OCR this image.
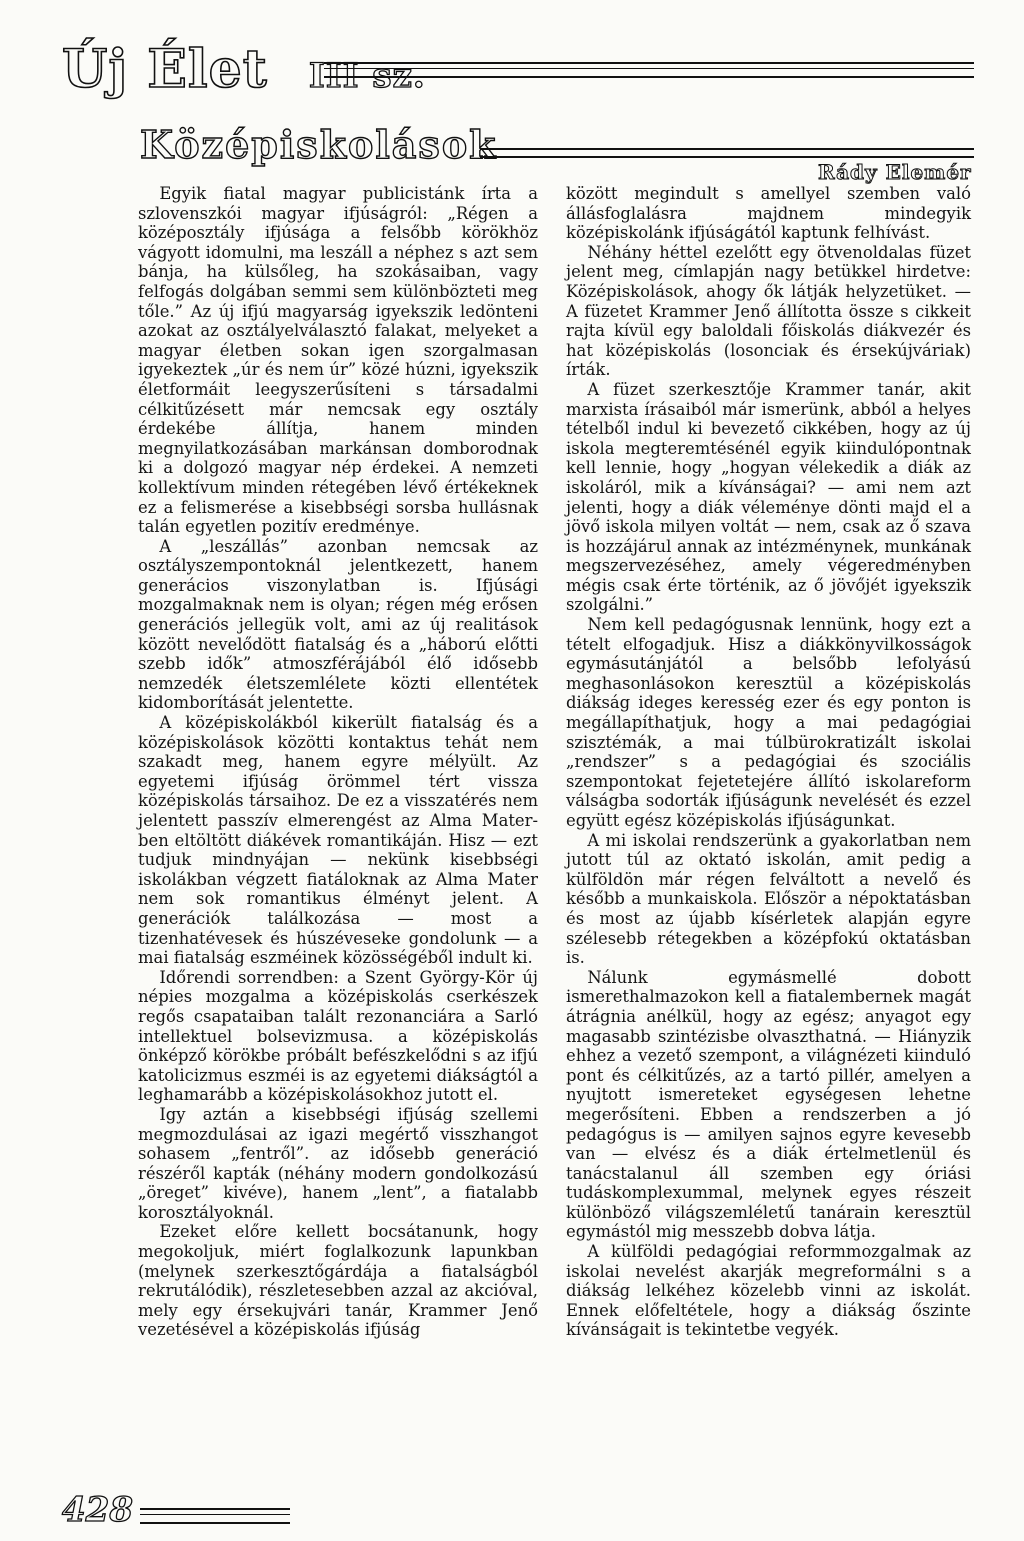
Új Élet III sz.
Középiskolások
Rády Elemér

Egyik fiatal magyar publicistánk írta a szlovenszkói magyar ifjúságról: „Régen a középosztály ifjúsága a felsőbb körökhöz vágyott idomulni, ma leszáll a néphez s azt sem bánja, ha külsőleg, ha szokásaiban, vagy felfogás dolgában semmi sem különbözteti meg tőle.” Az új ifjú magyarság igyekszik ledönteni azokat az osztályelválasztó falakat, melyeket a magyar életben sokan igen szorgalmasan igyekeztek „úr és nem úr” közé húzni, igyekszik életformáit leegyszerűsíteni s társadalmi célkitűzésett már nemcsak egy osztály érdekébe állítja, hanem minden megnyilatkozásában markánsan domborodnak ki a dolgozó magyar nép érdekei. A nemzeti kollektívum minden rétegében lévő értékeknek ez a felismerése a kisebbségi sorsba hullásnak talán egyetlen pozitív eredménye.

A „leszállás” azonban nemcsak az osztályszempontoknál jelentkezett, hanem generácios viszonylatban is. Ifjúsági mozgalmaknak nem is olyan; régen még erősen generációs jellegük volt, ami az új realitások között nevelődött fiatalság és a „háború előtti szebb idők” atmoszférájából élő idősebb nemzedék életszemlélete közti ellentétek kidomborítását jelentette.

A középiskolákból kikerült fiatalság és a középiskolások közötti kontaktus tehát nem szakadt meg, hanem egyre mélyült. Az egyetemi ifjúság örömmel tért vissza középiskolás társaihoz. De ez a visszatérés nem jelentett passzív elmerengést az Alma Mater-ben eltöltött diákévek romantikáján. Hisz — ezt tudjuk mindnyájan — nekünk kisebbségi iskolákban végzett fiatáloknak az Alma Mater nem sok romantikus élményt jelent. A generációk találkozása — most a tizenhatévesek és húszéveseke gondolunk — a mai fiatalság eszméinek közösségéből indult ki.

Időrendi sorrendben: a Szent György-Kör új népies mozgalma a középiskolás cserkészek regős csapataiban talált rezonanciára a Sarló intellektuel bolsevizmusa. a középiskolás önképző körökbe próbált befészkelődni s az ifjú katolicizmus eszméi is az egyetemi diákságtól a leghamarább a középiskolásokhoz jutott el.

Igy aztán a kisebbségi ifjúság szellemi megmozdulásai az igazi megértő visszhangot sohasem „fentről”. az idősebb generáció részéről kapták (néhány modern gondolkozású „öreget” kivéve), hanem „lent”, a fiatalabb korosztályoknál.

Ezeket előre kellett bocsátanunk, hogy megokoljuk, miért foglalkozunk lapunkban (melynek szerkesztőgárdája a fiatalságból rekrutálódik), részletesebben azzal az akcióval, mely egy érsekujvári tanár, Krammer Jenő vezetésével a középiskolás ifjúság

között megindult s amellyel szemben való állásfoglalásra majdnem mindegyik középiskolánk ifjúságától kaptunk felhívást.

Néhány héttel ezelőtt egy ötvenoldalas füzet jelent meg, címlapján nagy betükkel hirdetve: Középiskolások, ahogy ők látják helyzetüket. — A füzetet Krammer Jenő állította össze s cikkeit rajta kívül egy baloldali főiskolás diákvezér és hat középiskolás (losonciak és érsekújváriak) írták.

A füzet szerkesztője Krammer tanár, akit marxista írásaiból már ismerünk, abból a helyes tételből indul ki bevezető cikkében, hogy az új iskola megteremtésénél egyik kiindulópontnak kell lennie, hogy „hogyan vélekedik a diák az iskoláról, mik a kívánságai? — ami nem azt jelenti, hogy a diák véleménye dönti majd el a jövő iskola milyen voltát — nem, csak az ő szava is hozzájárul annak az intézménynek, munkának megszervezéséhez, amely végeredményben mégis csak érte történik, az ő jövőjét igyekszik szolgálni.”

Nem kell pedagógusnak lennünk, hogy ezt a tételt elfogadjuk. Hisz a diákkönyvilkosságok egymásutánjától a belsőbb lefolyású meghasonlásokon keresztül a középiskolás diákság ideges keresség ezer és egy ponton is megállapíthatjuk, hogy a mai pedagógiai szisztémák, a mai túlbürokratizált iskolai „rendszer” s a pedagógiai és szociális szempontokat fejetetejére állító iskolareform válságba sodorták ifjúságunk nevelését és ezzel együtt egész középiskolás ifjúságunkat.

A mi iskolai rendszerünk a gyakorlatban nem jutott túl az oktató iskolán, amit pedig a külföldön már régen felváltott a nevelő és később a munkaiskola. Először a népoktatásban és most az újabb kísérletek alapján egyre szélesebb rétegekben a középfokú oktatásban is.

Nálunk egymásmellé dobott ismerethalmazokon kell a fiatalembernek magát átrágnia anélkül, hogy az egész; anyagot egy magasabb szintézisbe olvaszthatná. — Hiányzik ehhez a vezető szempont, a világnézeti kiinduló pont és célkitűzés, az a tartó pillér, amelyen a nyujtott ismereteket egységesen lehetne megerősíteni. Ebben a rendszerben a jó pedagógus is — amilyen sajnos egyre kevesebb van — elvész és a diák értelmetlenül és tanácstalanul áll szemben egy óriási tudáskomplexummal, melynek egyes részeit különböző világszemléletű tanárain keresztül egymástól mig messzebb dobva látja.

A külföldi pedagógiai reformmozgalmak az iskolai nevelést akarják megreformálni s a diákság lelkéhez közelebb vinni az iskolát. Ennek előfeltétele, hogy a diákság őszinte kívánságait is tekintetbe vegyék.

428
